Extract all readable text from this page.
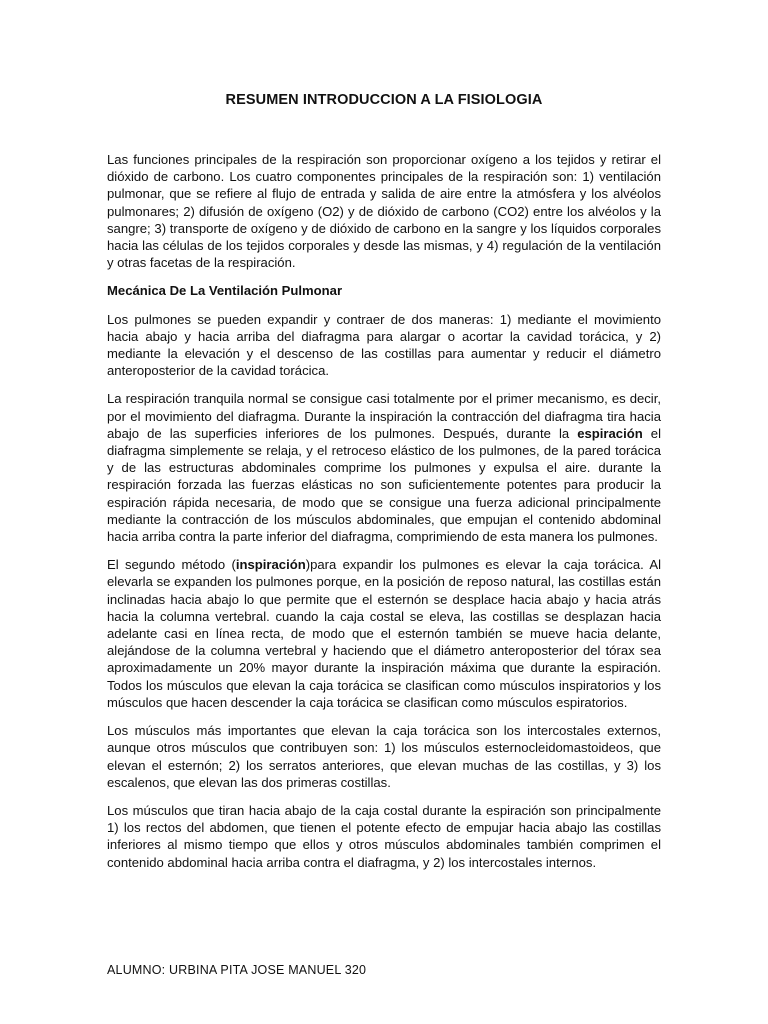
RESUMEN INTRODUCCION A LA FISIOLOGIA

Las funciones principales de la respiración son proporcionar oxígeno a los tejidos y retirar el dióxido de carbono. Los cuatro componentes principales de la respiración son: 1) ventilación pulmonar, que se refiere al flujo de entrada y salida de aire entre la atmósfera y los alvéolos pulmonares; 2) difusión de oxígeno (O2) y de dióxido de carbono (CO2) entre los alvéolos y la sangre; 3) transporte de oxígeno y de dióxido de carbono en la sangre y los líquidos corporales hacia las células de los tejidos corporales y desde las mismas, y 4) regulación de la ventilación y otras facetas de la respiración.

Mecánica De La Ventilación Pulmonar

Los pulmones se pueden expandir y contraer de dos maneras: 1) mediante el movimiento hacia abajo y hacia arriba del diafragma para alargar o acortar la cavidad torácica, y 2) mediante la elevación y el descenso de las costillas para aumentar y reducir el diámetro anteroposterior de la cavidad torácica.

La respiración tranquila normal se consigue casi totalmente por el primer mecanismo, es decir, por el movimiento del diafragma. Durante la inspiración la contracción del diafragma tira hacia abajo de las superficies inferiores de los pulmones. Después, durante la espiración el diafragma simplemente se relaja, y el retroceso elástico de los pulmones, de la pared torácica y de las estructuras abdominales comprime los pulmones y expulsa el aire. durante la respiración forzada las fuerzas elásticas no son suficientemente potentes para producir la espiración rápida necesaria, de modo que se consigue una fuerza adicional principalmente mediante la contracción de los músculos abdominales, que empujan el contenido abdominal hacia arriba contra la parte inferior del diafragma, comprimiendo de esta manera los pulmones.

El segundo método (inspiración)para expandir los pulmones es elevar la caja torácica. Al elevarla se expanden los pulmones porque, en la posición de reposo natural, las costillas están inclinadas hacia abajo lo que permite que el esternón se desplace hacia abajo y hacia atrás hacia la columna vertebral. cuando la caja costal se eleva, las costillas se desplazan hacia adelante casi en línea recta, de modo que el esternón también se mueve hacia delante, alejándose de la columna vertebral y haciendo que el diámetro anteroposterior del tórax sea aproximadamente un 20% mayor durante la inspiración máxima que durante la espiración. Todos los músculos que elevan la caja torácica se clasifican como músculos inspiratorios y los músculos que hacen descender la caja torácica se clasifican como músculos espiratorios.

Los músculos más importantes que elevan la caja torácica son los intercostales externos, aunque otros músculos que contribuyen son: 1) los músculos esternocleidomastoideos, que elevan el esternón; 2) los serratos anteriores, que elevan muchas de las costillas, y 3) los escalenos, que elevan las dos primeras costillas.

Los músculos que tiran hacia abajo de la caja costal durante la espiración son principalmente 1) los rectos del abdomen, que tienen el potente efecto de empujar hacia abajo las costillas inferiores al mismo tiempo que ellos y otros músculos abdominales también comprimen el contenido abdominal hacia arriba contra el diafragma, y 2) los intercostales internos.

ALUMNO: URBINA PITA JOSE MANUEL 320
